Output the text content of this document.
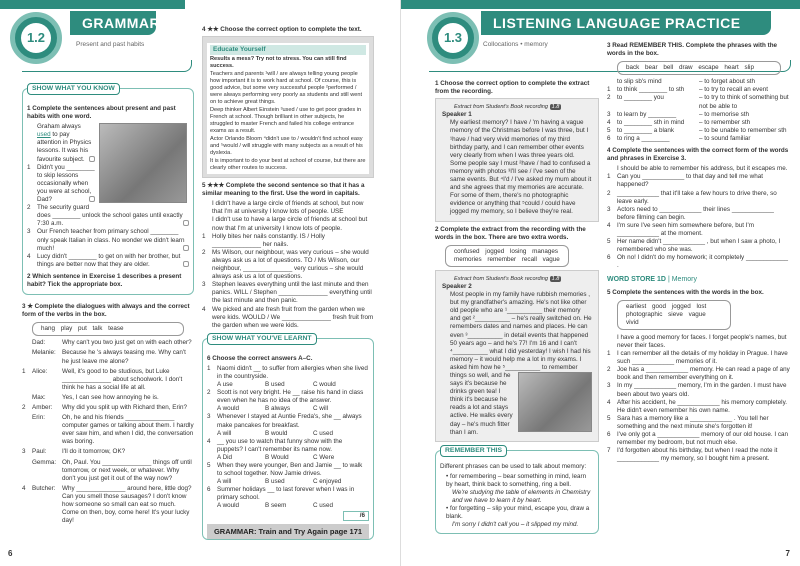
1.2
GRAMMAR
Present and past habits
SHOW WHAT YOU KNOW
1 Complete the sentences about present and past habits with one word.
Graham always used to pay attention in Physics lessons. It was his favourite subject.
1 Didn't you ________ to skip lessons occasionally when you were at school, Dad?
2 The security guard does ________ unlock the school gates until exactly 7:30 a.m.
3 Our French teacher from primary school ________ only speak Italian in class. No wonder we didn't learn much!
4 Lucy didn't ________ to get on with her brother, but things are better now that they are older.
2 Which sentence in Exercise 1 describes a present habit? Tick the appropriate box.
3 ★ Complete the dialogues with always and the correct form of the verbs in the box.
hang play put talk tease
Dad:	Why can't you two just get on with each other?
Melanie: Because he 's always teasing me. Why can't he just leave me alone?
1	Alice:	Well, it's good to be studious, but Luke ______________ about schoolwork. I don't think he has a social life at all.
Max:	Yes, I can see how annoying he is.
2	Amber:	Why did you split up with Richard then, Erin?
Erin:	Oh, he and his friends ______________ computer games or talking about them. I hardly ever saw him, and when I did, the conversation was boring.
3	Paul:	I'll do it tomorrow, OK?
Gemma: Oh, Paul. You ______________ things off until tomorrow, or next week, or whatever. Why don't you just get it out of the way now?
4	Butcher:	Why ______________ around here, little dog? Can you smell those sausages? I don't know how someone so small can eat so much. Come on then, boy, come here! It's your lucky day!
4 ★★ Choose the correct option to complete the text.
Educate Yourself
Results a mess? Try not to stress. You can still find success.

Teachers and parents ¹will / are always telling young people how important it is to work hard at school. Of course, this is good advice, but some very successful people ²performed / were always performing very poorly as students and still went on to achieve great things.

Deep thinker Albert Einstein ³used / use to get poor grades in French at school. Though brilliant in other subjects, he struggled to master French and failed his college entrance exams as a result.

Actor Orlando Bloom ⁴didn't use to / wouldn't find school easy and ⁵would / will struggle with many subjects as a result of his dyslexia.

It is important to do your best at school of course, but there are clearly other routes to success.

5 ★★★ Complete the second sentence so that it has a similar meaning to the first. Use the word in capitals.
I didn't have a large circle of friends at school, but now that I'm at university I know lots of people. USE
I didn't use to have a large circle of friends at school but now that I'm at university I know lots of people.
1 Holly bites her nails constantly. IS / Holly ______________ her nails.
2 Ms Wilson, our neighbour, was very curious – she would always ask us a lot of questions. TO / Ms Wilson, our neighbour, ______________ very curious – she would always ask us a lot of questions.
3 Stephen leaves everything until the last minute and then panics. WILL / Stephen ______________ everything until the last minute and then panic.
4 We picked and ate fresh fruit from the garden when we were kids. WOULD / We ______________ fresh fruit from the garden when we were kids.
SHOW WHAT YOU'VE LEARNT
6 Choose the correct answers A–C.
1 Naomi didn't __ to suffer from allergies when she lived in the countryside.
A use	B used	C would
2 Scott is not very bright. He __ raise his hand in class even when he has no idea of the answer.
A would	B always	C will
3 Whenever I stayed at Auntie Freda's, she __ always make pancakes for breakfast.
A will	B would	C used
4 __ you use to watch that funny show with the puppets? I can't remember its name now.
A Did	B Would	C Were
5 When they were younger, Ben and Jamie __ to walk to school together. Now Jamie drives.
A will	B used	C enjoyed
6 Summer holidays __ to last forever when I was in primary school.
A would	B seem	C used
/6
GRAMMAR: Train and Try Again page 171
6
1.3
LISTENING LANGUAGE PRACTICE
Collocations • memory
1 Choose the correct option to complete the extract from the recording.
Extract from Student's Book recording 1.8
Speaker 1
My earliest memory? I have / 'm having a vague memory of the Christmas before I was three, but I ¹have / had very vivid memories of my third birthday party, and I can remember other events very clearly from when I was three years old. Some people say I must ²have / had to confused a memory with photos ³I'll see / I've seen of the same events. But ⁴I'd / I've asked my mum about it and she agrees that my memories are accurate. For some of them, there's no photographic evidence or anything that ⁵could / could have jogged my memory, so I believe they're real.
2 Complete the extract from the recording with the words in the box. There are two extra words.
confused jogged losing manages
memories remember recall vague
Extract from Student's Book recording 1.8
Speaker 2
Most people in my family have rubbish memories , but my grandfather's amazing. He's not like other old people who are ¹__________ their memory and get ²__________ – he's really switched on. He remembers dates and names and places. He can even ³__________ in detail events that happened 50 years ago – and he's 77! I'm 16 and I can't ⁴__________ what I did yesterday! I wish I had his memory – it would help me a lot in my exams. I asked him how he ⁵__________ to remember
things so well, and he says it's because he drinks green tea! I think it's because he reads a lot and stays active. He walks every day – he's much fitter than I am.
REMEMBER THIS
Different phrases can be used to talk about memory:
• for remembering – bear something in mind, learn by heart, think back to something, ring a bell.
We're studying the table of elements in Chemistry and we have to learn it by heart.
• for forgetting – slip your mind, escape you, draw a blank.
I'm sorry I didn't call you – it slipped my mind.
3 Read REMEMBER THIS. Complete the phrases with the words in the box.
back bear bell draw escape heart slip
to slip sb's mind	– to forget about sth
1	to think ________ to sth	– to try to recall an event
2	to ________ you	– to try to think of something but not be able to
3	to learn by ________	– to memorise sth
4	to ________ sth in mind	– to remember sth
5	to ________ a blank	– to be unable to remember sth
6	to ring a ________	– to sound familiar
4 Complete the sentences with the correct form of the words and phrases in Exercise 3.
I should be able to remember his address, but it escapes me.
1 Can you ____________ to that day and tell me what happened?
2 ____________ that it'll take a few hours to drive there, so leave early.
3 Actors need to ____________ their lines ____________ before filming can begin.
4 I'm sure I've seen him somewhere before, but I'm ____________ at the moment.
5 Her name didn't ____________ , but when I saw a photo, I remembered who she was.
6 Oh no! I didn't do my homework; it completely ____________ .
WORD STORE 1D | Memory
5 Complete the sentences with the words in the box.
earliest good jogged lost
photographic sieve vague vivid
I have a good memory for faces. I forget people's names, but never their faces.
1 I can remember all the details of my holiday in Prague. I have such ____________ memories of it.
2 Joe has a ____________ memory. He can read a page of any book and then remember everything on it.
3 In my ____________ memory, I'm in the garden. I must have been about two years old.
4 After his accident, he ____________ his memory completely. He didn't even remember his own name.
5 Sara has a memory like a ____________ . You tell her something and the next minute she's forgotten it!
6 I've only got a ____________ memory of our old house. I can remember my bedroom, but not much else.
7 I'd forgotten about his birthday, but when I read the note it ____________ my memory, so I bought him a present.
7
